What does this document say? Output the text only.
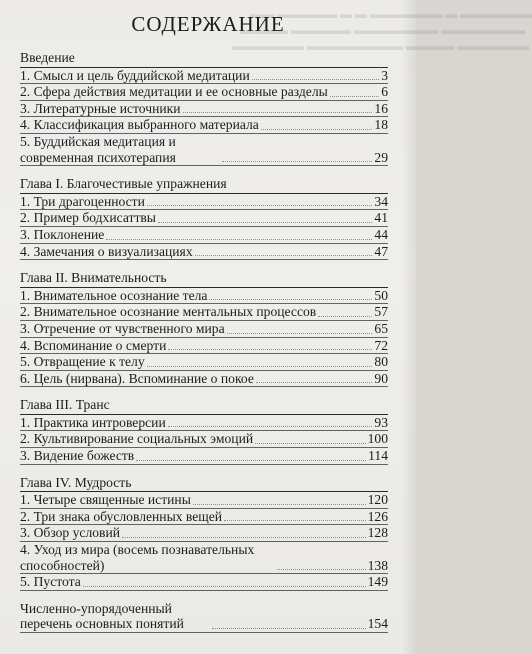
▬▬ ▬▬▬▬▬ ▬ ▬ ▬▬▬▬▬▬ ▬ ▬▬▬▬▬▬
▬▬▬▬ ▬▬▬▬▬ ▬▬▬▬▬▬▬ ▬▬▬▬▬▬▬
▬▬▬▬▬▬ ▬▬▬▬▬▬▬▬ ▬▬▬▬ ▬▬▬▬▬▬
СОДЕРЖАНИЕ
Введение
1. Смысл и цель буддийской медитации	3
2. Сфера действия медитации и ее основные разделы	6
3. Литературные источники	16
4. Классификация выбранного материала	18
5. Буддийская медитация и современная психотерапия	29
Глава I. Благочестивые упражнения
1. Три драгоценности	34
2. Пример бодхисаттвы	41
3. Поклонение	44
4. Замечания о визуализациях	47
Глава II. Внимательность
1. Внимательное осознание тела	50
2. Внимательное осознание ментальных процессов	57
3. Отречение от чувственного мира	65
4. Вспоминание о смерти	72
5. Отвращение к телу	80
6. Цель (нирвана). Вспоминание о покое	90
Глава III. Транс
1. Практика интроверсии	93
2. Культивирование социальных эмоций	100
3. Видение божеств	114
Глава IV. Мудрость
1. Четыре священные истины	120
2. Три знака обусловленных вещей	126
3. Обзор условий	128
4. Уход из мира (восемь познавательных способностей)	138
5. Пустота	149
Численно-упорядоченный перечень основных понятий	154
